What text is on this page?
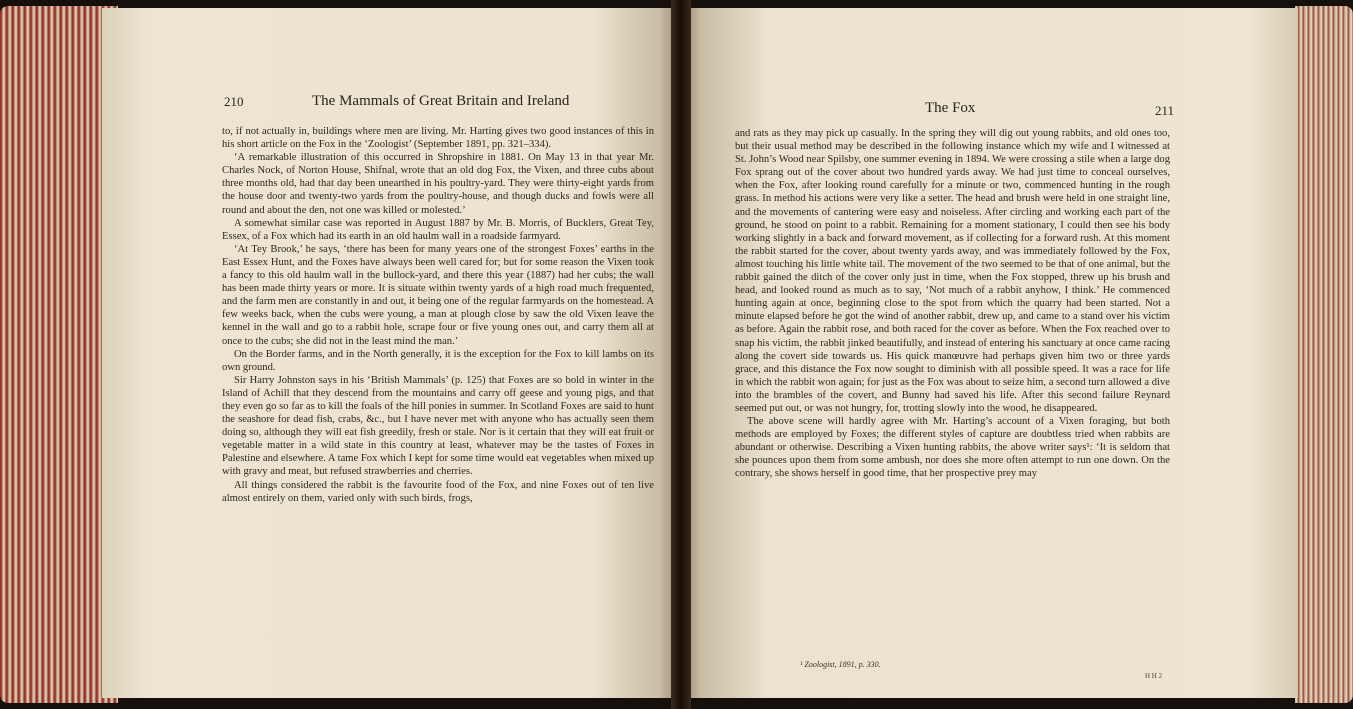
210	The Mammals of Great Britain and Ireland

to, if not actually in, buildings where men are living. Mr. Harting gives two good instances of this in his short article on the Fox in the ‘Zoologist’ (September 1891, pp. 321–334).

‘A remarkable illustration of this occurred in Shropshire in 1881. On May 13 in that year Mr. Charles Nock, of Norton House, Shifnal, wrote that an old dog Fox, the Vixen, and three cubs about three months old, had that day been unearthed in his poultry-yard. They were thirty-eight yards from the house door and twenty-two yards from the poultry-house, and though ducks and fowls were all round and about the den, not one was killed or molested.’

A somewhat similar case was reported in August 1887 by Mr. B. Morris, of Bucklers, Great Tey, Essex, of a Fox which had its earth in an old haulm wall in a roadside farmyard.

‘At Tey Brook,’ he says, ‘there has been for many years one of the strongest Foxes’ earths in the East Essex Hunt, and the Foxes have always been well cared for; but for some reason the Vixen took a fancy to this old haulm wall in the bullock-yard, and there this year (1887) had her cubs; the wall has been made thirty years or more. It is situate within twenty yards of a high road much frequented, and the farm men are constantly in and out, it being one of the regular farmyards on the homestead. A few weeks back, when the cubs were young, a man at plough close by saw the old Vixen leave the kennel in the wall and go to a rabbit hole, scrape four or five young ones out, and carry them all at once to the cubs; she did not in the least mind the man.’

On the Border farms, and in the North generally, it is the exception for the Fox to kill lambs on its own ground.

Sir Harry Johnston says in his ‘British Mammals’ (p. 125) that Foxes are so bold in winter in the Island of Achill that they descend from the mountains and carry off geese and young pigs, and that they even go so far as to kill the foals of the hill ponies in summer. In Scotland Foxes are said to hunt the seashore for dead fish, crabs, &c., but I have never met with anyone who has actually seen them doing so, although they will eat fish greedily, fresh or stale. Nor is it certain that they will eat fruit or vegetable matter in a wild state in this country at least, whatever may be the tastes of Foxes in Palestine and elsewhere. A tame Fox which I kept for some time would eat vegetables when mixed up with gravy and meat, but refused strawberries and cherries.

All things considered the rabbit is the favourite food of the Fox, and nine Foxes out of ten live almost entirely on them, varied only with such birds, frogs,

The Fox	211

and rats as they may pick up casually. In the spring they will dig out young rabbits, and old ones too, but their usual method may be described in the following instance which my wife and I witnessed at St. John’s Wood near Spilsby, one summer evening in 1894. We were crossing a stile when a large dog Fox sprang out of the cover about two hundred yards away. We had just time to conceal ourselves, when the Fox, after looking round carefully for a minute or two, commenced hunting in the rough grass. In method his actions were very like a setter. The head and brush were held in one straight line, and the movements of cantering were easy and noiseless. After circling and working each part of the ground, he stood on point to a rabbit. Remaining for a moment stationary, I could then see his body working slightly in a back and forward movement, as if collecting for a forward rush. At this moment the rabbit started for the cover, about twenty yards away, and was immediately followed by the Fox, almost touching his little white tail. The movement of the two seemed to be that of one animal, but the rabbit gained the ditch of the cover only just in time, when the Fox stopped, threw up his brush and head, and looked round as much as to say, ‘Not much of a rabbit anyhow, I think.’ He commenced hunting again at once, beginning close to the spot from which the quarry had been started. Not a minute elapsed before he got the wind of another rabbit, drew up, and came to a stand over his victim as before. Again the rabbit rose, and both raced for the cover as before. When the Fox reached over to snap his victim, the rabbit jinked beautifully, and instead of entering his sanctuary at once came racing along the covert side towards us. His quick manœuvre had perhaps given him two or three yards grace, and this distance the Fox now sought to diminish with all possible speed. It was a race for life in which the rabbit won again; for just as the Fox was about to seize him, a second turn allowed a dive into the brambles of the covert, and Bunny had saved his life. After this second failure Reynard seemed put out, or was not hungry, for, trotting slowly into the wood, he disappeared.

The above scene will hardly agree with Mr. Harting’s account of a Vixen foraging, but both methods are employed by Foxes; the different styles of capture are doubtless tried when rabbits are abundant or otherwise. Describing a Vixen hunting rabbits, the above writer says¹: ‘It is seldom that she pounces upon them from some ambush, nor does she more often attempt to run one down. On the contrary, she shows herself in good time, that her prospective prey may

¹ Zoologist, 1891, p. 330.
H H 2
